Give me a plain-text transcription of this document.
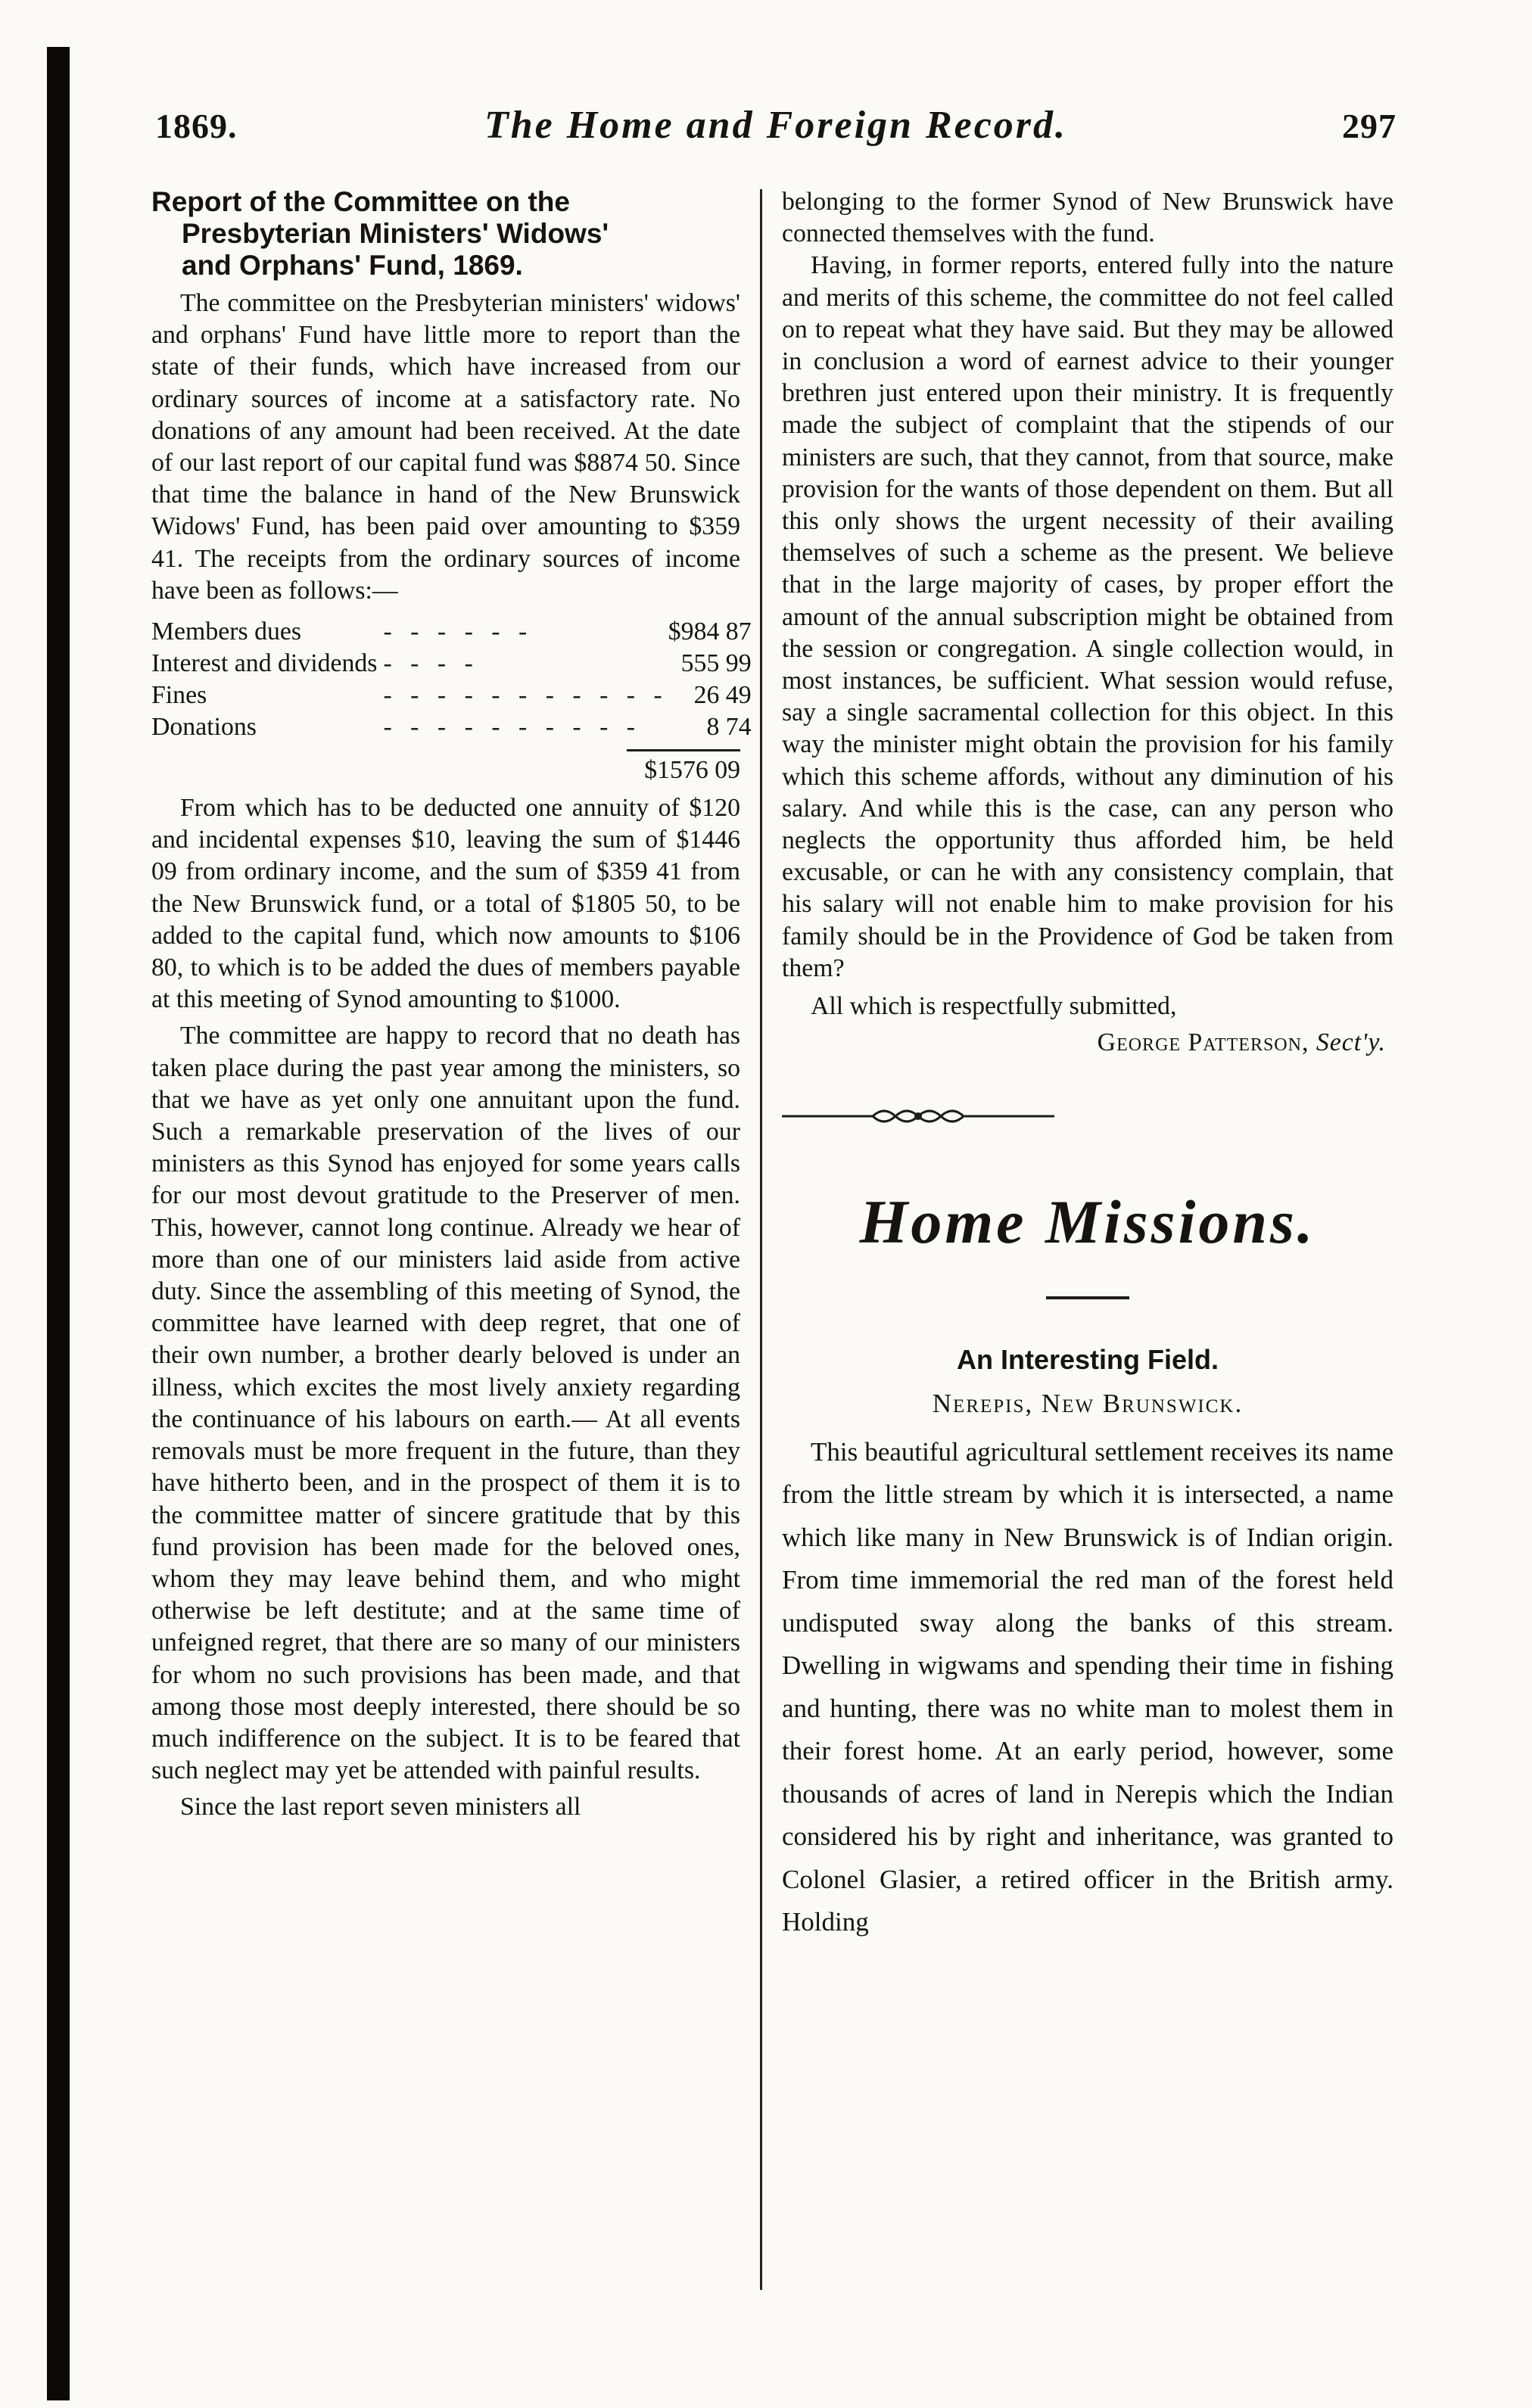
1869.	The Home and Foreign Record.	297
Report of the Committee on the
Presbyterian Ministers' Widows'
and Orphans' Fund, 1869.

The committee on the Presbyterian ministers' widows' and orphans' Fund have little more to report than the state of their funds, which have increased from our ordinary sources of income at a satisfactory rate. No donations of any amount had been received. At the date of our last report of our capital fund was $8874 50. Since that time the balance in hand of the New Brunswick Widows' Fund, has been paid over amounting to $359 41. The receipts from the ordinary sources of income have been as follows:—

Members dues	- - - - - -	$984 87
Interest and dividends	- - - -	555 99
Fines	- - - - - - - - - - -	26 49
Donations	- - - - - - - - - -	8 74
$1576 09

From which has to be deducted one annuity of $120 and incidental expenses $10, leaving the sum of $1446 09 from ordinary income, and the sum of $359 41 from the New Brunswick fund, or a total of $1805 50, to be added to the capital fund, which now amounts to $106 80, to which is to be added the dues of members payable at this meeting of Synod amounting to $1000.

The committee are happy to record that no death has taken place during the past year among the ministers, so that we have as yet only one annuitant upon the fund. Such a remarkable preservation of the lives of our ministers as this Synod has enjoyed for some years calls for our most devout gratitude to the Preserver of men. This, however, cannot long continue. Already we hear of more than one of our ministers laid aside from active duty. Since the assembling of this meeting of Synod, the committee have learned with deep regret, that one of their own number, a brother dearly beloved is under an illness, which excites the most lively anxiety regarding the continuance of his labours on earth.— At all events removals must be more frequent in the future, than they have hitherto been, and in the prospect of them it is to the committee matter of sincere gratitude that by this fund provision has been made for the beloved ones, whom they may leave behind them, and who might otherwise be left destitute; and at the same time of unfeigned regret, that there are so many of our ministers for whom no such provisions has been made, and that among those most deeply interested, there should be so much indifference on the subject. It is to be feared that such neglect may yet be attended with painful results.

Since the last report seven ministers all

belonging to the former Synod of New Brunswick have connected themselves with the fund.

Having, in former reports, entered fully into the nature and merits of this scheme, the committee do not feel called on to repeat what they have said. But they may be allowed in conclusion a word of earnest advice to their younger brethren just entered upon their ministry. It is frequently made the subject of complaint that the stipends of our ministers are such, that they cannot, from that source, make provision for the wants of those dependent on them. But all this only shows the urgent necessity of their availing themselves of such a scheme as the present. We believe that in the large majority of cases, by proper effort the amount of the annual subscription might be obtained from the session or congregation. A single collection would, in most instances, be sufficient. What session would refuse, say a single sacramental collection for this object. In this way the minister might obtain the provision for his family which this scheme affords, without any diminution of his salary. And while this is the case, can any person who neglects the opportunity thus afforded him, be held excusable, or can he with any consistency complain, that his salary will not enable him to make provision for his family should be in the Providence of God be taken from them?

All which is respectfully submitted,

George Patterson, Sect'y.
Home Missions.
An Interesting Field.
Nerepis, New Brunswick.

This beautiful agricultural settlement receives its name from the little stream by which it is intersected, a name which like many in New Brunswick is of Indian origin. From time immemorial the red man of the forest held undisputed sway along the banks of this stream. Dwelling in wigwams and spending their time in fishing and hunting, there was no white man to molest them in their forest home. At an early period, however, some thousands of acres of land in Nerepis which the Indian considered his by right and inheritance, was granted to Colonel Glasier, a retired officer in the British army. Holding
